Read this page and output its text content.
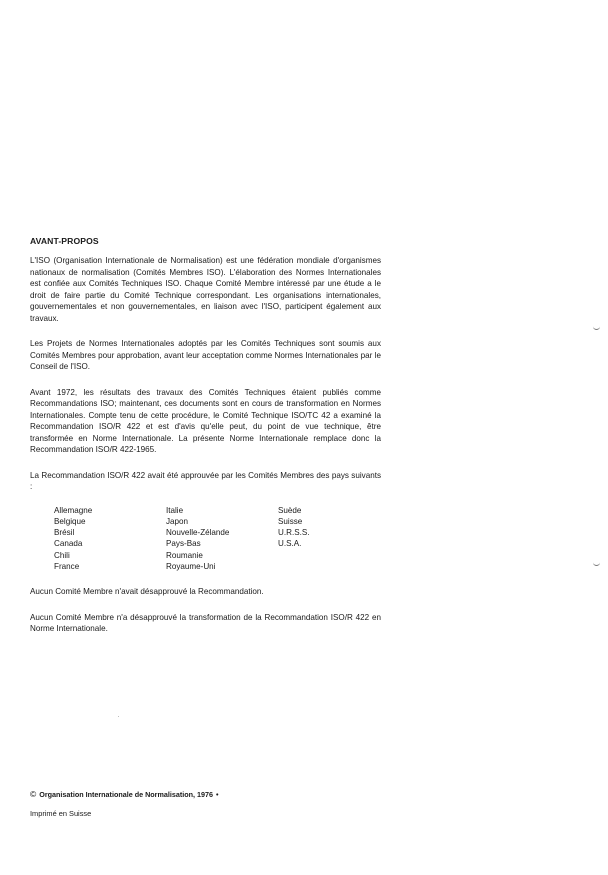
AVANT-PROPOS

L'ISO (Organisation Internationale de Normalisation) est une fédération mondiale d'organismes nationaux de normalisation (Comités Membres ISO). L'élaboration des Normes Internationales est confiée aux Comités Techniques ISO. Chaque Comité Membre intéressé par une étude a le droit de faire partie du Comité Technique correspondant. Les organisations internationales, gouvernementales et non gouvernementales, en liaison avec l'ISO, participent également aux travaux.

Les Projets de Normes Internationales adoptés par les Comités Techniques sont soumis aux Comités Membres pour approbation, avant leur acceptation comme Normes Internationales par le Conseil de l'ISO.

Avant 1972, les résultats des travaux des Comités Techniques étaient publiés comme Recommandations ISO; maintenant, ces documents sont en cours de transformation en Normes Internationales. Compte tenu de cette procédure, le Comité Technique ISO/TC 42 a examiné la Recommandation ISO/R 422 et est d'avis qu'elle peut, du point de vue technique, être transformée en Norme Internationale. La présente Norme Internationale remplace donc la Recommandation ISO/R 422-1965.

La Recommandation ISO/R 422 avait été approuvée par les Comités Membres des pays suivants :

Allemagne	Italie	Suède
Belgique	Japon	Suisse
Brésil	Nouvelle-Zélande	U.R.S.S.
Canada	Pays-Bas	U.S.A.
Chili	Roumanie
France	Royaume-Uni

Aucun Comité Membre n'avait désapprouvé la Recommandation.

Aucun Comité Membre n'a désapprouvé la transformation de la Recommandation ISO/R 422 en Norme Internationale.

© Organisation Internationale de Normalisation, 1976 •
Imprimé en Suisse
